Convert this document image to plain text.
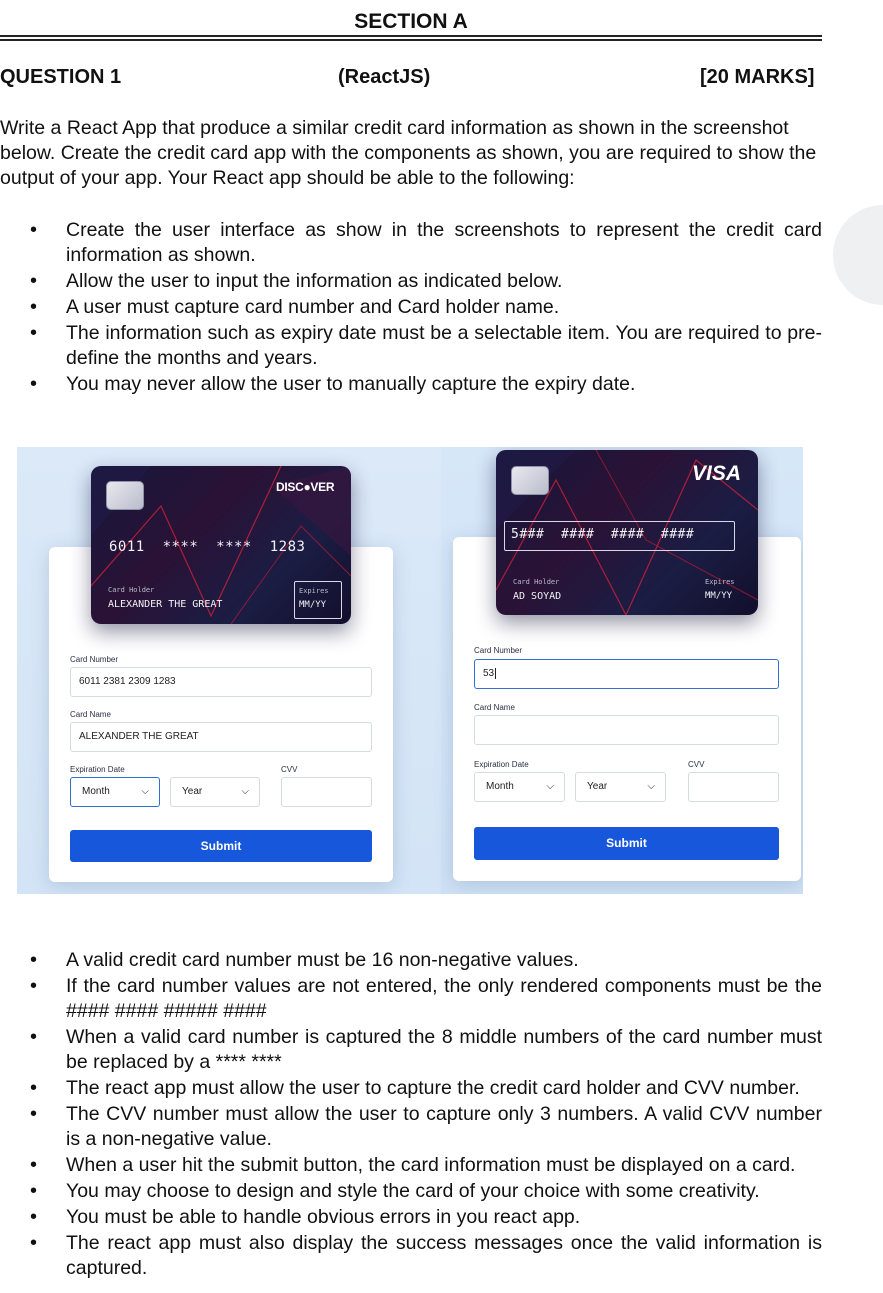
SECTION A
QUESTION 1	(ReactJS)	[20 MARKS]
Write a React App that produce a similar credit card information as shown in the screenshot below. Create the credit card app with the components as shown, you are required to show the output of your app. Your React app should be able to the following:
• Create the user interface as show in the screenshots to represent the credit card information as shown.
• Allow the user to input the information as indicated below.
• A user must capture card number and Card holder name.
• The information such as expiry date must be a selectable item. You are required to pre-define the months and years.
• You may never allow the user to manually capture the expiry date.
DISC●VER
6011  ****  ****  1283
Card Holder
ALEXANDER THE GREAT
Expires
MM/YY
Card Number
6011 2381 2309 1283
Card Name
ALEXANDER THE GREAT
Expiration Date	CVV
Month	⌵	Year	⌵
Submit
VISA
5###  ####  ####  ####
Card Holder
AD SOYAD
Expires
MM/YY
Card Number
53
Card Name
Expiration Date	CVV
Month	⌵	Year	⌵
Submit
• A valid credit card number must be 16 non-negative values.
• If the card number values are not entered, the only rendered components must be the #### #### ##### ####
• When a valid card number is captured the 8 middle numbers of the card number must be replaced by a **** ****
• The react app must allow the user to capture the credit card holder and CVV number.
• The CVV number must allow the user to capture only 3 numbers. A valid CVV number is a non-negative value.
• When a user hit the submit button, the card information must be displayed on a card.
• You may choose to design and style the card of your choice with some creativity.
• You must be able to handle obvious errors in you react app.
• The react app must also display the success messages once the valid information is captured.
